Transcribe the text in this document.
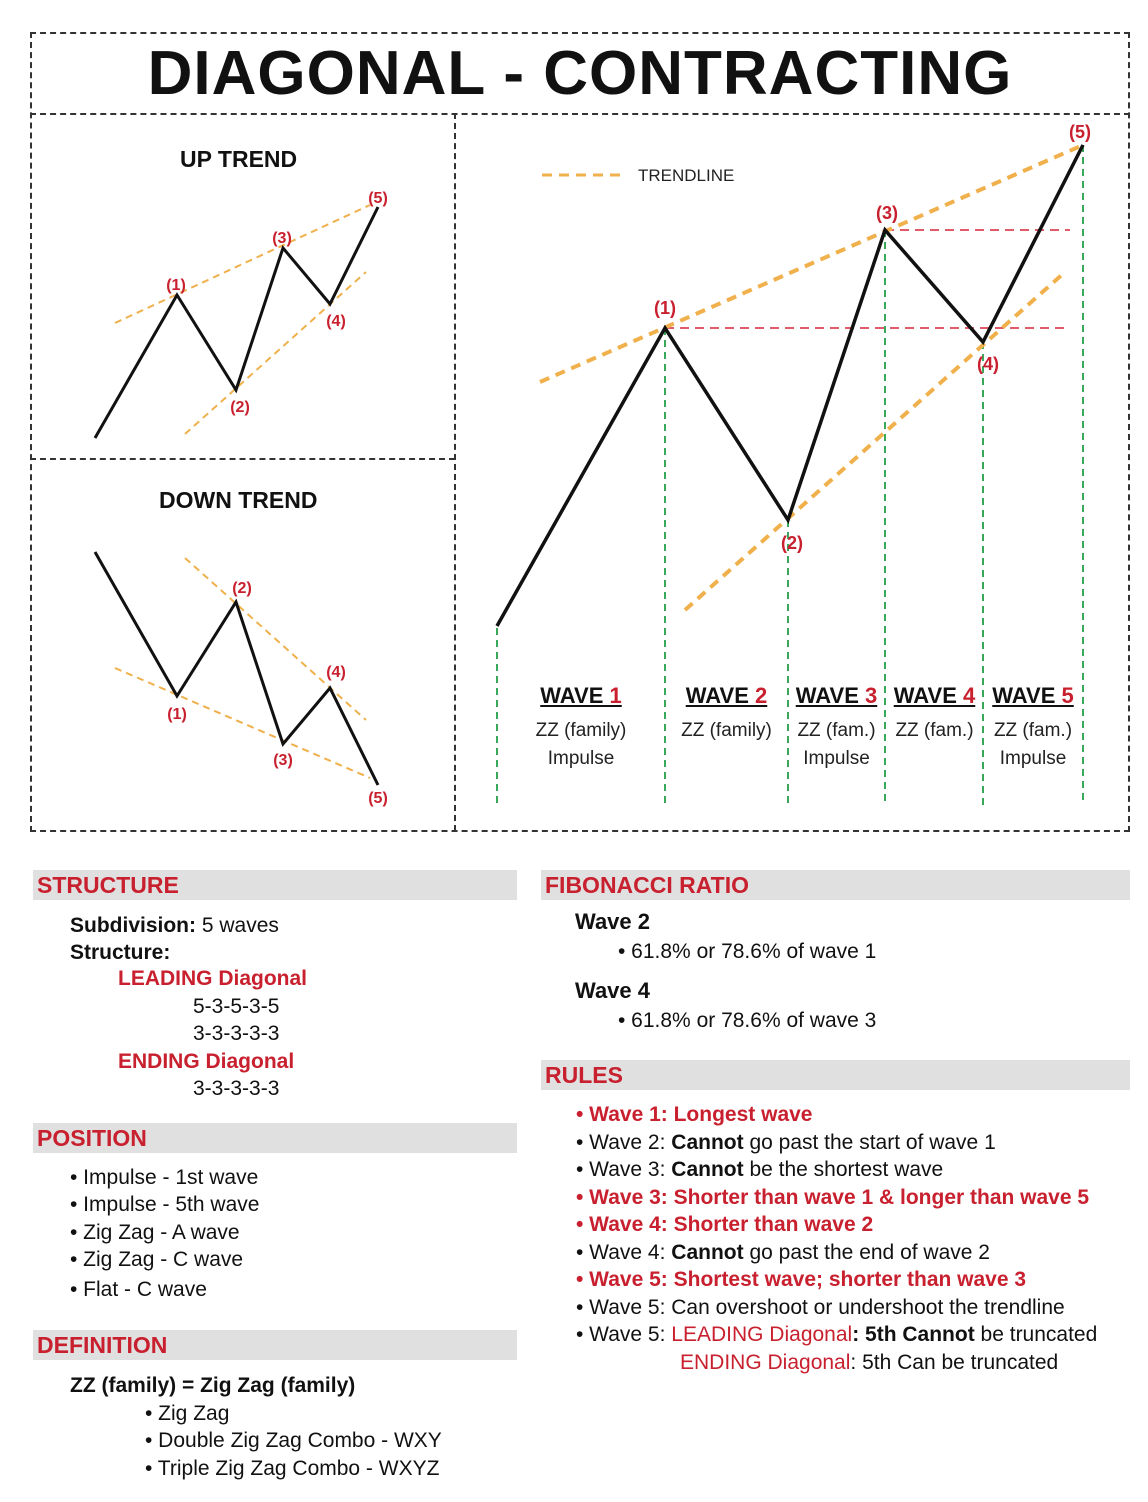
DIAGONAL - CONTRACTING
UP TREND
(1)
(2)
(3)
(4)
(5)
DOWN TREND
(1)
(2)
(3)
(4)
(5)
TRENDLINE
(1)
(2)
(3)
(4)
(5)
WAVE 1
ZZ (family)
Impulse
WAVE 2
ZZ (family)
WAVE 3
ZZ (fam.)
Impulse
WAVE 4
ZZ (fam.)
WAVE 5
ZZ (fam.)
Impulse
STRUCTURE
Subdivision: 5 waves
Structure:
LEADING Diagonal
5-3-5-3-5
3-3-3-3-3
ENDING Diagonal
3-3-3-3-3
POSITION
• Impulse - 1st wave
• Impulse - 5th wave
• Zig Zag - A wave
• Zig Zag - C wave
• Flat - C wave
DEFINITION
ZZ (family) = Zig Zag (family)
• Zig Zag
• Double Zig Zag Combo - WXY
• Triple Zig Zag Combo - WXYZ
FIBONACCI RATIO
Wave 2
• 61.8% or 78.6% of wave 1
Wave 4
• 61.8% or 78.6% of wave 3
RULES
• Wave 1: Longest wave
• Wave 2: Cannot go past the start of wave 1
• Wave 3: Cannot be the shortest wave
• Wave 3: Shorter than wave 1 & longer than wave 5
• Wave 4: Shorter than wave 2
• Wave 4: Cannot go past the end of wave 2
• Wave 5: Shortest wave; shorter than wave 3
• Wave 5: Can overshoot or undershoot the trendline
• Wave 5: LEADING Diagonal: 5th Cannot be truncated
ENDING Diagonal: 5th Can be truncated
